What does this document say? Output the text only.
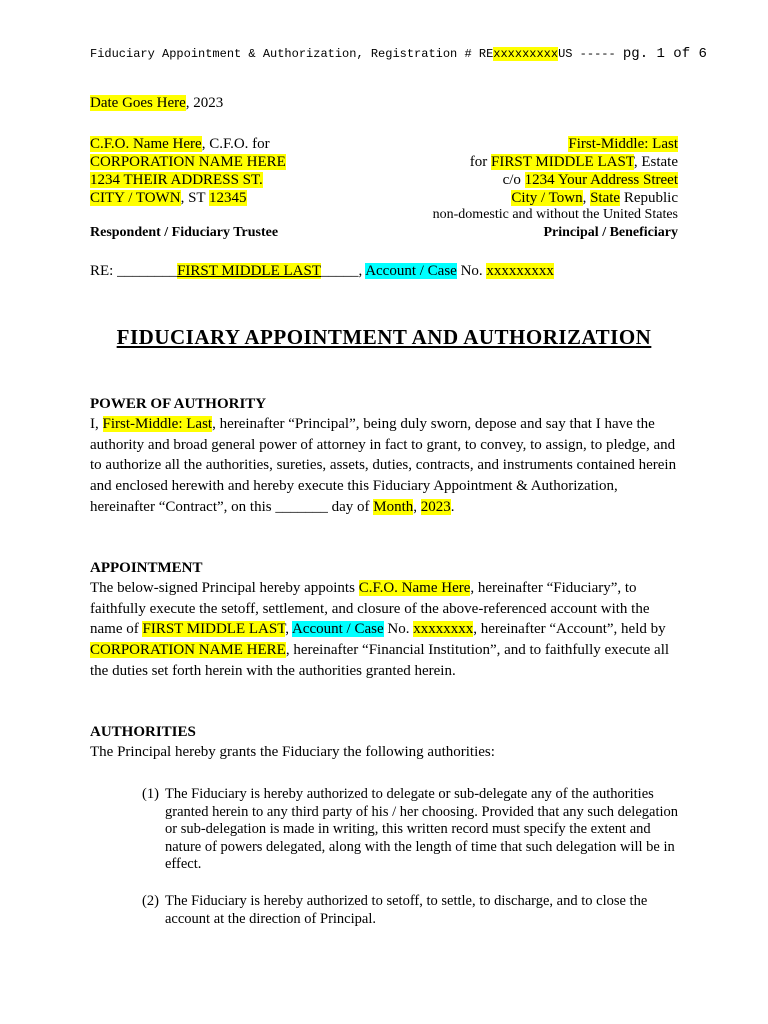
Fiduciary Appointment & Authorization, Registration # RExxxxxxxxxUS ----- pg. 1 of 6
Date Goes Here, 2023
C.F.O. Name Here, C.F.O. for
CORPORATION NAME HERE
1234 THEIR ADDRESS ST.
CITY / TOWN, ST 12345
Respondent / Fiduciary Trustee
First-Middle: Last
for FIRST MIDDLE LAST, Estate
c/o 1234 Your Address Street
City / Town, State Republic
non-domestic and without the United States
Principal / Beneficiary
RE: ________FIRST MIDDLE LAST_____, Account / Case No. xxxxxxxxx
FIDUCIARY APPOINTMENT AND AUTHORIZATION
POWER OF AUTHORITY
I, First-Middle: Last, hereinafter “Principal”, being duly sworn, depose and say that I have the authority and broad general power of attorney in fact to grant, to convey, to assign, to pledge, and to authorize all the authorities, sureties, assets, duties, contracts, and instruments contained herein and enclosed herewith and hereby execute this Fiduciary Appointment & Authorization, hereinafter “Contract”, on this _______ day of Month, 2023.
APPOINTMENT
The below-signed Principal hereby appoints C.F.O. Name Here, hereinafter “Fiduciary”, to faithfully execute the setoff, settlement, and closure of the above-referenced account with the name of FIRST MIDDLE LAST, Account / Case No. xxxxxxxx, hereinafter “Account”, held by CORPORATION NAME HERE, hereinafter “Financial Institution”, and to faithfully execute all the duties set forth herein with the authorities granted herein.
AUTHORITIES
The Principal hereby grants the Fiduciary the following authorities:
(1) The Fiduciary is hereby authorized to delegate or sub-delegate any of the authorities granted herein to any third party of his / her choosing. Provided that any such delegation or sub-delegation is made in writing, this written record must specify the extent and nature of powers delegated, along with the length of time that such delegation will be in effect.
(2) The Fiduciary is hereby authorized to setoff, to settle, to discharge, and to close the account at the direction of Principal.
